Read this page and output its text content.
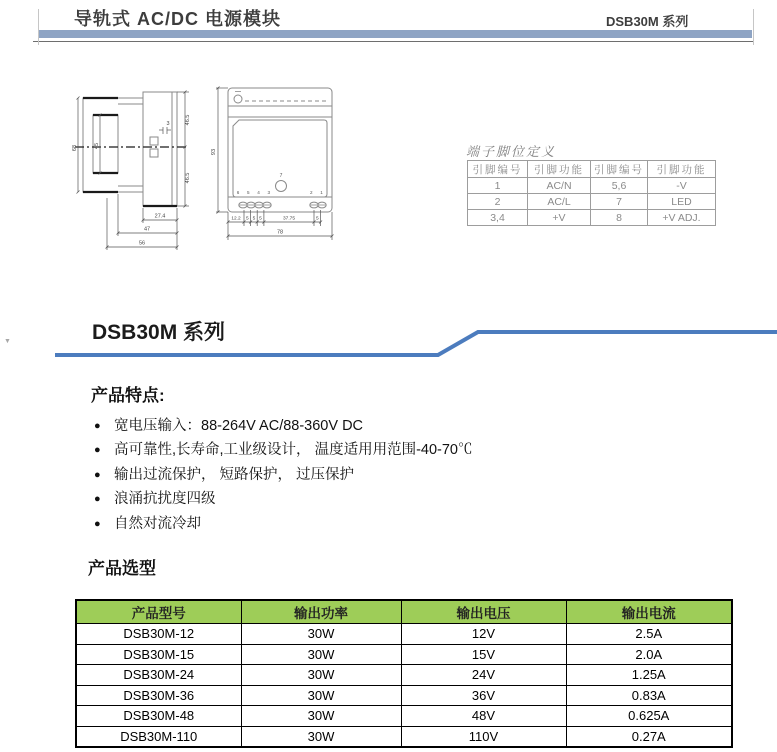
导轨式 AC/DC 电源模块	DSB30M 系列
68	45
46.5
46.5
3
27.4
47
56
6 5 4 3	2 1
7
93
12.2 5 5 5	37.75	5
78
端子脚位定义
引脚编号	引脚功能	引脚编号	引脚功能
1	AC/N	5,6	-V
2	AC/L	7	LED
3,4	+V	8	+V ADJ.
▼	DSB30M 系列
产品特点:
● 宽电压输入：88-264V AC/88-360V DC
● 高可靠性,长寿命,工业级设计， 温度适用用范围-40-70℃
● 输出过流保护， 短路保护， 过压保护
● 浪涌抗扰度四级
● 自然对流冷却
产品选型
产品型号	输出功率	输出电压	输出电流
DSB30M-12	30W	12V	2.5A
DSB30M-15	30W	15V	2.0A
DSB30M-24	30W	24V	1.25A
DSB30M-36	30W	36V	0.83A
DSB30M-48	30W	48V	0.625A
DSB30M-110	30W	110V	0.27A
